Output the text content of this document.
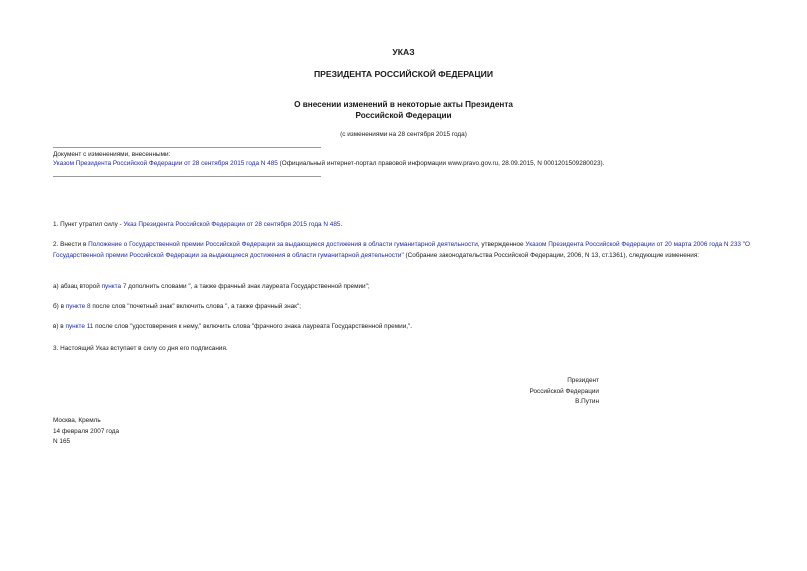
УКАЗ
ПРЕЗИДЕНТА РОССИЙСКОЙ ФЕДЕРАЦИИ
О внесении изменений в некоторые акты Президента
Российской Федерации
(с изменениями на 28 сентября 2015 года)
Документ с изменениями, внесенными:
Указом Президента Российской Федерации от 28 сентября 2015 года N 485 (Официальный интернет-портал правовой информации www.pravo.gov.ru, 28.09.2015, N 0001201509280023).
1. Пункт утратил силу - Указ Президента Российской Федерации от 28 сентября 2015 года N 485.
2. Внести в Положение о Государственной премии Российской Федерации за выдающиеся достижения в области гуманитарной деятельности, утвержденное Указом Президента Российской Федерации от 20 марта 2006 года N 233 "О Государственной премии Российской Федерации за выдающиеся достижения в области гуманитарной деятельности" (Собрание законодательства Российской Федерации, 2006, N 13, ст.1361), следующие изменения:
а) абзац второй пункта 7 дополнить словами ", а также фрачный знак лауреата Государственной премии";
б) в пункте 8 после слов "почетный знак" включить слова ", а также фрачный знак";
в) в пункте 11 после слов "удостоверения к нему," включить слова "фрачного знака лауреата Государственной премии,".
3. Настоящий Указ вступает в силу со дня его подписания.
Президент
Российской Федерации
В.Путин
Москва, Кремль
14 февраля 2007 года
N 165
